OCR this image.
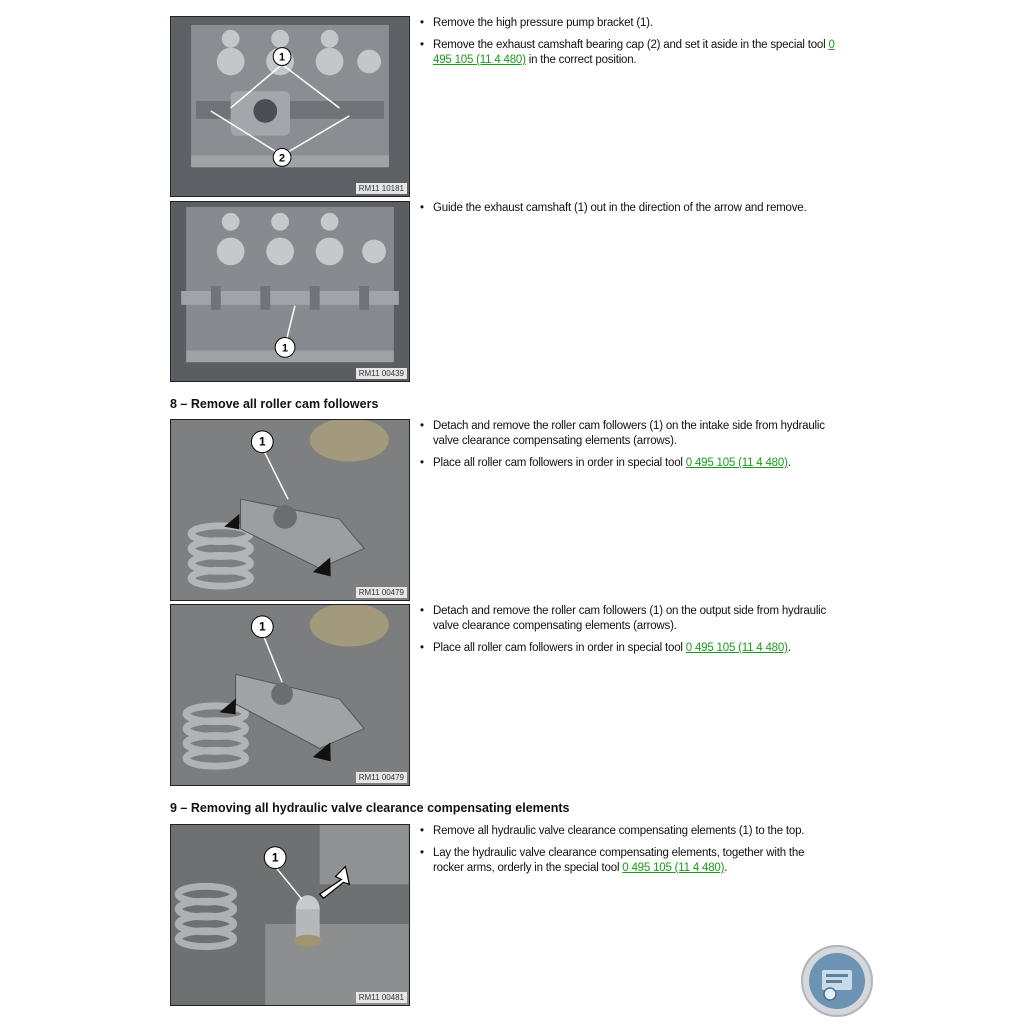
1
2
RM11 10181
1
RM11 00439
8 – Remove all roller cam followers
1
RM11 00479
1
RM11 00479
9 – Removing all hydraulic valve clearance compensating elements
1
RM11 00481
• Remove the high pressure pump bracket (1).
• Remove the exhaust camshaft bearing cap (2) and set it aside in the special tool 0 495 105 (11 4 480) in the correct position.
• Guide the exhaust camshaft (1) out in the direction of the arrow and remove.
• Detach and remove the roller cam followers (1) on the intake side from hydraulic valve clearance compensating elements (arrows).
• Place all roller cam followers in order in special tool 0 495 105 (11 4 480).
• Detach and remove the roller cam followers (1) on the output side from hydraulic valve clearance compensating elements (arrows).
• Place all roller cam followers in order in special tool 0 495 105 (11 4 480).
• Remove all hydraulic valve clearance compensating elements (1) to the top.
• Lay the hydraulic valve clearance compensating elements, together with the rocker arms, orderly in the special tool 0 495 105 (11 4 480).
